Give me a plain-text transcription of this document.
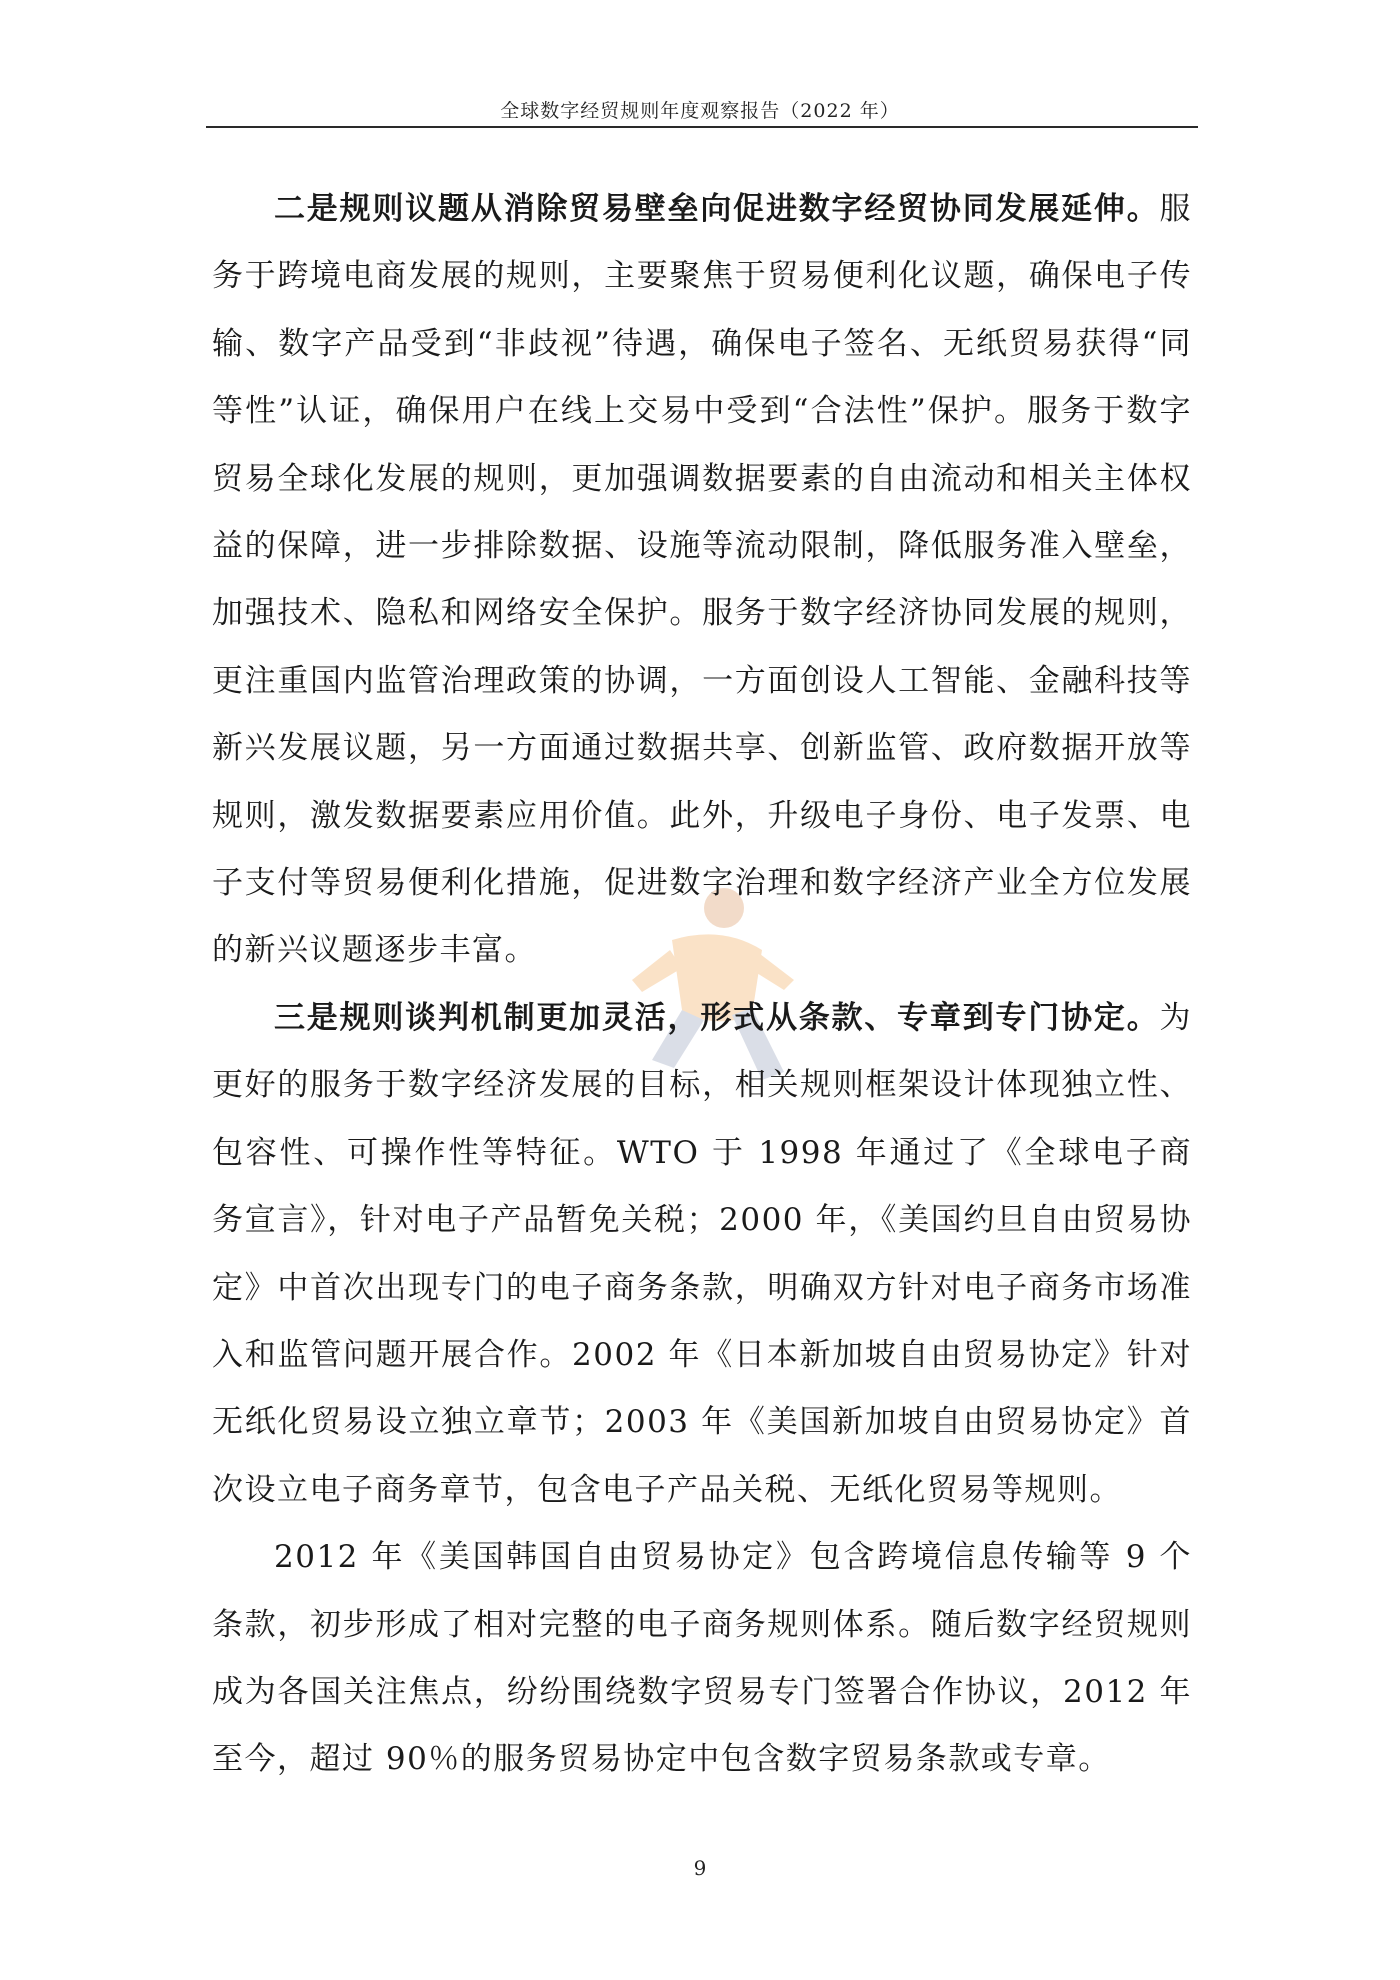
全球数字经贸规则年度观察报告（2022 年）

二是规则议题从消除贸易壁垒向促进数字经贸协同发展延伸。服务于跨境电商发展的规则，主要聚焦于贸易便利化议题，确保电子传输、数字产品受到“非歧视”待遇，确保电子签名、无纸贸易获得“同等性”认证，确保用户在线上交易中受到“合法性”保护。服务于数字贸易全球化发展的规则，更加强调数据要素的自由流动和相关主体权益的保障，进一步排除数据、设施等流动限制，降低服务准入壁垒，加强技术、隐私和网络安全保护。服务于数字经济协同发展的规则，更注重国内监管治理政策的协调，一方面创设人工智能、金融科技等新兴发展议题，另一方面通过数据共享、创新监管、政府数据开放等规则，激发数据要素应用价值。此外，升级电子身份、电子发票、电子支付等贸易便利化措施，促进数字治理和数字经济产业全方位发展的新兴议题逐步丰富。

三是规则谈判机制更加灵活，形式从条款、专章到专门协定。为更好的服务于数字经济发展的目标，相关规则框架设计体现独立性、包容性、可操作性等特征。WTO 于 1998 年通过了《全球电子商务宣言》，针对电子产品暂免关税；2000 年，《美国约旦自由贸易协定》中首次出现专门的电子商务条款，明确双方针对电子商务市场准入和监管问题开展合作。2002 年《日本新加坡自由贸易协定》针对无纸化贸易设立独立章节；2003 年《美国新加坡自由贸易协定》首次设立电子商务章节，包含电子产品关税、无纸化贸易等规则。

2012 年《美国韩国自由贸易协定》包含跨境信息传输等 9 个条款，初步形成了相对完整的电子商务规则体系。随后数字经贸规则成为各国关注焦点，纷纷围绕数字贸易专门签署合作协议，2012 年至今，超过 90％的服务贸易协定中包含数字贸易条款或专章。

9
